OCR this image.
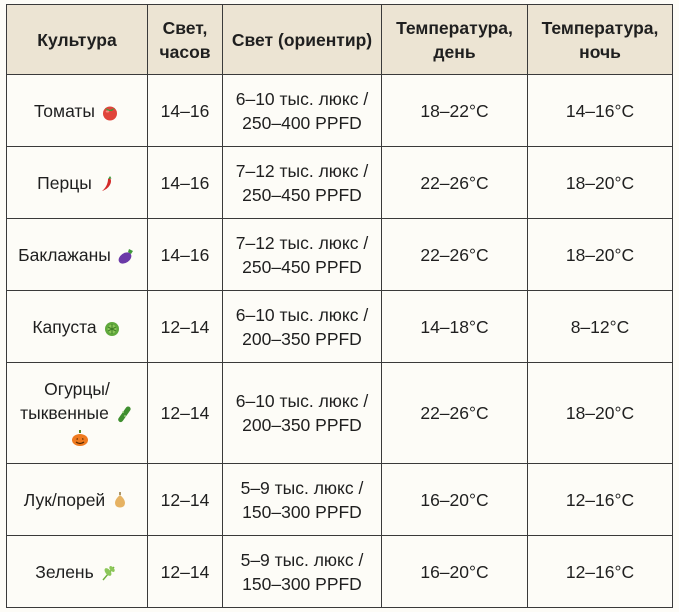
Культура	Свет, часов	Свет (ориентир)	Температура, день	Температура, ночь
Томаты	14–16	6–10 тыс. люкс / 250–400 PPFD	18–22°C	14–16°C
Перцы	14–16	7–12 тыс. люкс / 250–450 PPFD	22–26°C	18–20°C
Баклажаны	14–16	7–12 тыс. люкс / 250–450 PPFD	22–26°C	18–20°C
Капуста	12–14	6–10 тыс. люкс / 200–350 PPFD	14–18°C	8–12°C
Огурцы/ тыквенные	12–14	6–10 тыс. люкс / 200–350 PPFD	22–26°C	18–20°C
Лук/порей	12–14	5–9 тыс. люкс / 150–300 PPFD	16–20°C	12–16°C
Зелень	12–14	5–9 тыс. люкс / 150–300 PPFD	16–20°C	12–16°C
